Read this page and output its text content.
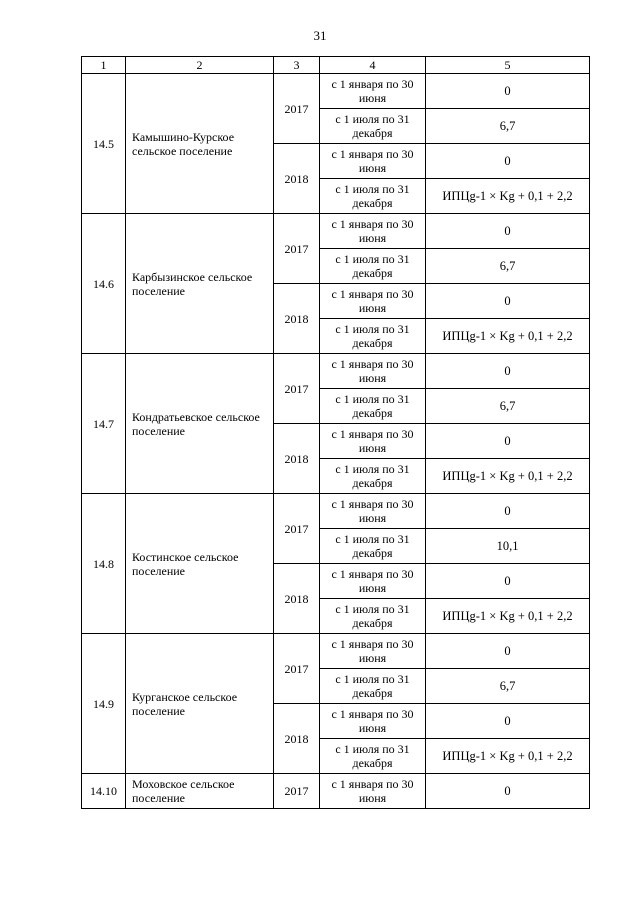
31
1	2	3	4	5
14.5	Камышино-Курское сельское поселение	2017	с 1 января по 30 июня	0
			с 1 июля по 31 декабря	6,7
		2018	с 1 января по 30 июня	0
			с 1 июля по 31 декабря	ИПЦg-1 × Kg + 0,1 + 2,2
14.6	Карбызинское сельское поселение	2017	с 1 января по 30 июня	0
			с 1 июля по 31 декабря	6,7
		2018	с 1 января по 30 июня	0
			с 1 июля по 31 декабря	ИПЦg-1 × Kg + 0,1 + 2,2
14.7	Кондратьевское сельское поселение	2017	с 1 января по 30 июня	0
			с 1 июля по 31 декабря	6,7
		2018	с 1 января по 30 июня	0
			с 1 июля по 31 декабря	ИПЦg-1 × Kg + 0,1 + 2,2
14.8	Костинское сельское поселение	2017	с 1 января по 30 июня	0
			с 1 июля по 31 декабря	10,1
		2018	с 1 января по 30 июня	0
			с 1 июля по 31 декабря	ИПЦg-1 × Kg + 0,1 + 2,2
14.9	Курганское сельское поселение	2017	с 1 января по 30 июня	0
			с 1 июля по 31 декабря	6,7
		2018	с 1 января по 30 июня	0
			с 1 июля по 31 декабря	ИПЦg-1 × Kg + 0,1 + 2,2
14.10	Моховское сельское поселение	2017	с 1 января по 30 июня	0
